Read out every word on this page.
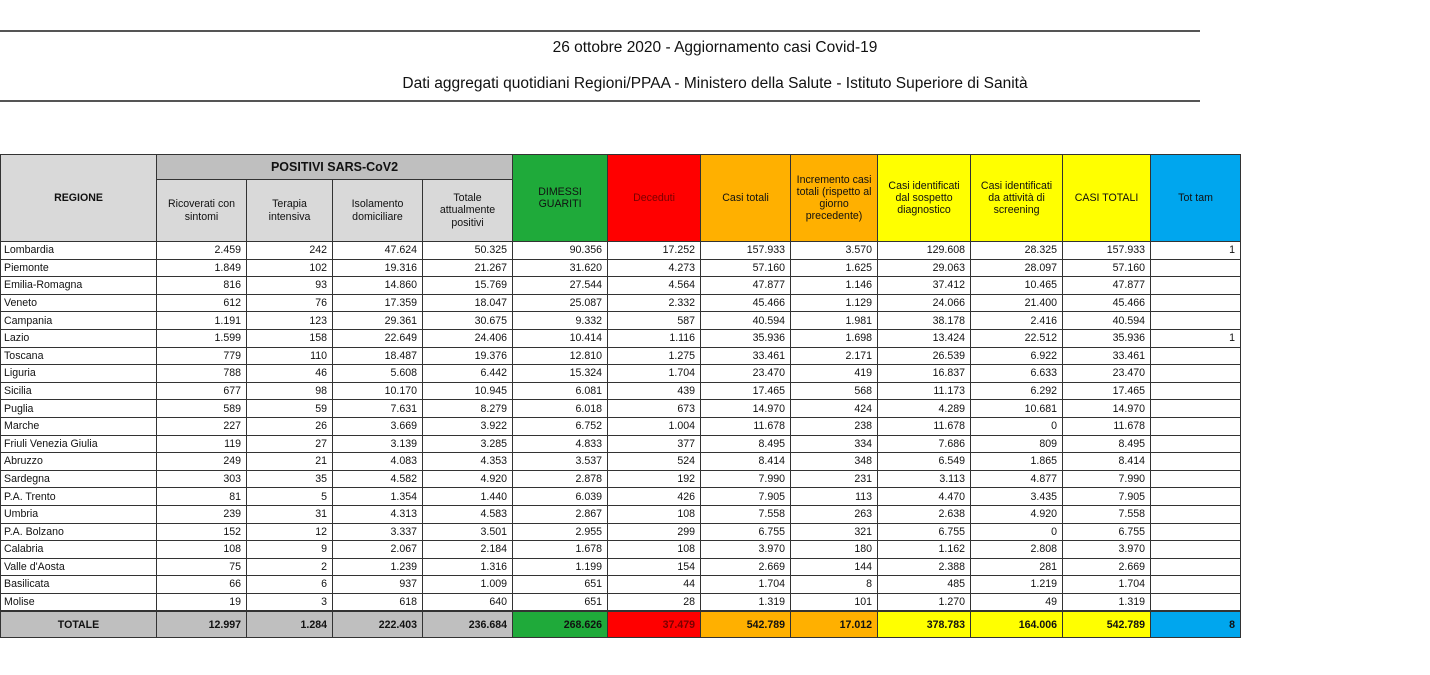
26 ottobre 2020 - Aggiornamento casi Covid-19
Dati aggregati quotidiani Regioni/PPAA - Ministero della Salute - Istituto Superiore di Sanità
REGIONE	POSITIVI SARS-CoV2				DIMESSI GUARITI	Deceduti	Casi totali	Incremento casi totali (rispetto al giorno precedente)	Casi identificati dal sospetto diagnostico	Casi identificati da attività di screening	CASI TOTALI	Tot tam
	Ricoverati con sintomi	Terapia intensiva	Isolamento domiciliare	Totale attualmente positivi								
Lombardia	2.459	242	47.624	50.325	90.356	17.252	157.933	3.570	129.608	28.325	157.933	1
Piemonte	1.849	102	19.316	21.267	31.620	4.273	57.160	1.625	29.063	28.097	57.160	
Emilia-Romagna	816	93	14.860	15.769	27.544	4.564	47.877	1.146	37.412	10.465	47.877	
Veneto	612	76	17.359	18.047	25.087	2.332	45.466	1.129	24.066	21.400	45.466	
Campania	1.191	123	29.361	30.675	9.332	587	40.594	1.981	38.178	2.416	40.594	
Lazio	1.599	158	22.649	24.406	10.414	1.116	35.936	1.698	13.424	22.512	35.936	1
Toscana	779	110	18.487	19.376	12.810	1.275	33.461	2.171	26.539	6.922	33.461	
Liguria	788	46	5.608	6.442	15.324	1.704	23.470	419	16.837	6.633	23.470	
Sicilia	677	98	10.170	10.945	6.081	439	17.465	568	11.173	6.292	17.465	
Puglia	589	59	7.631	8.279	6.018	673	14.970	424	4.289	10.681	14.970	
Marche	227	26	3.669	3.922	6.752	1.004	11.678	238	11.678	0	11.678	
Friuli Venezia Giulia	119	27	3.139	3.285	4.833	377	8.495	334	7.686	809	8.495	
Abruzzo	249	21	4.083	4.353	3.537	524	8.414	348	6.549	1.865	8.414	
Sardegna	303	35	4.582	4.920	2.878	192	7.990	231	3.113	4.877	7.990	
P.A. Trento	81	5	1.354	1.440	6.039	426	7.905	113	4.470	3.435	7.905	
Umbria	239	31	4.313	4.583	2.867	108	7.558	263	2.638	4.920	7.558	
P.A. Bolzano	152	12	3.337	3.501	2.955	299	6.755	321	6.755	0	6.755	
Calabria	108	9	2.067	2.184	1.678	108	3.970	180	1.162	2.808	3.970	
Valle d'Aosta	75	2	1.239	1.316	1.199	154	2.669	144	2.388	281	2.669	
Basilicata	66	6	937	1.009	651	44	1.704	8	485	1.219	1.704	
Molise	19	3	618	640	651	28	1.319	101	1.270	49	1.319	
TOTALE	12.997	1.284	222.403	236.684	268.626	37.479	542.789	17.012	378.783	164.006	542.789	8
